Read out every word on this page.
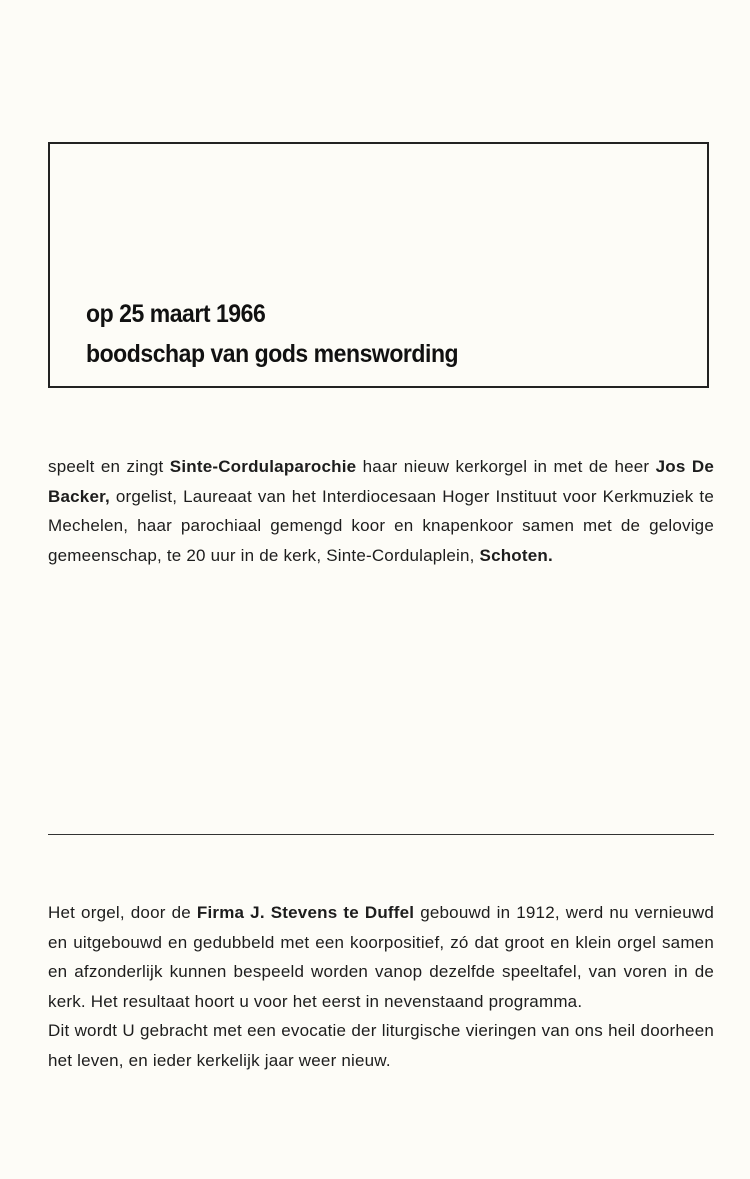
op 25 maart 1966
boodschap van gods menswording
speelt en zingt Sinte-Cordulaparochie haar nieuw kerkorgel in met de heer Jos De Backer, orgelist, Laureaat van het Interdiocesaan Hoger Instituut voor Kerkmuziek te Mechelen, haar parochiaal gemengd koor en knapenkoor samen met de gelovige gemeenschap, te 20 uur in de kerk, Sinte-Cordulaplein, Schoten.
Het orgel, door de Firma J. Stevens te Duffel gebouwd in 1912, werd nu vernieuwd en uitgebouwd en gedubbeld met een koorpositief, zó dat groot en klein orgel samen en afzonderlijk kunnen bespeeld worden vanop dezelfde speeltafel, van voren in de kerk. Het resultaat hoort u voor het eerst in nevenstaand programma.
Dit wordt U gebracht met een evocatie der liturgische vieringen van ons heil doorheen het leven, en ieder kerkelijk jaar weer nieuw.
